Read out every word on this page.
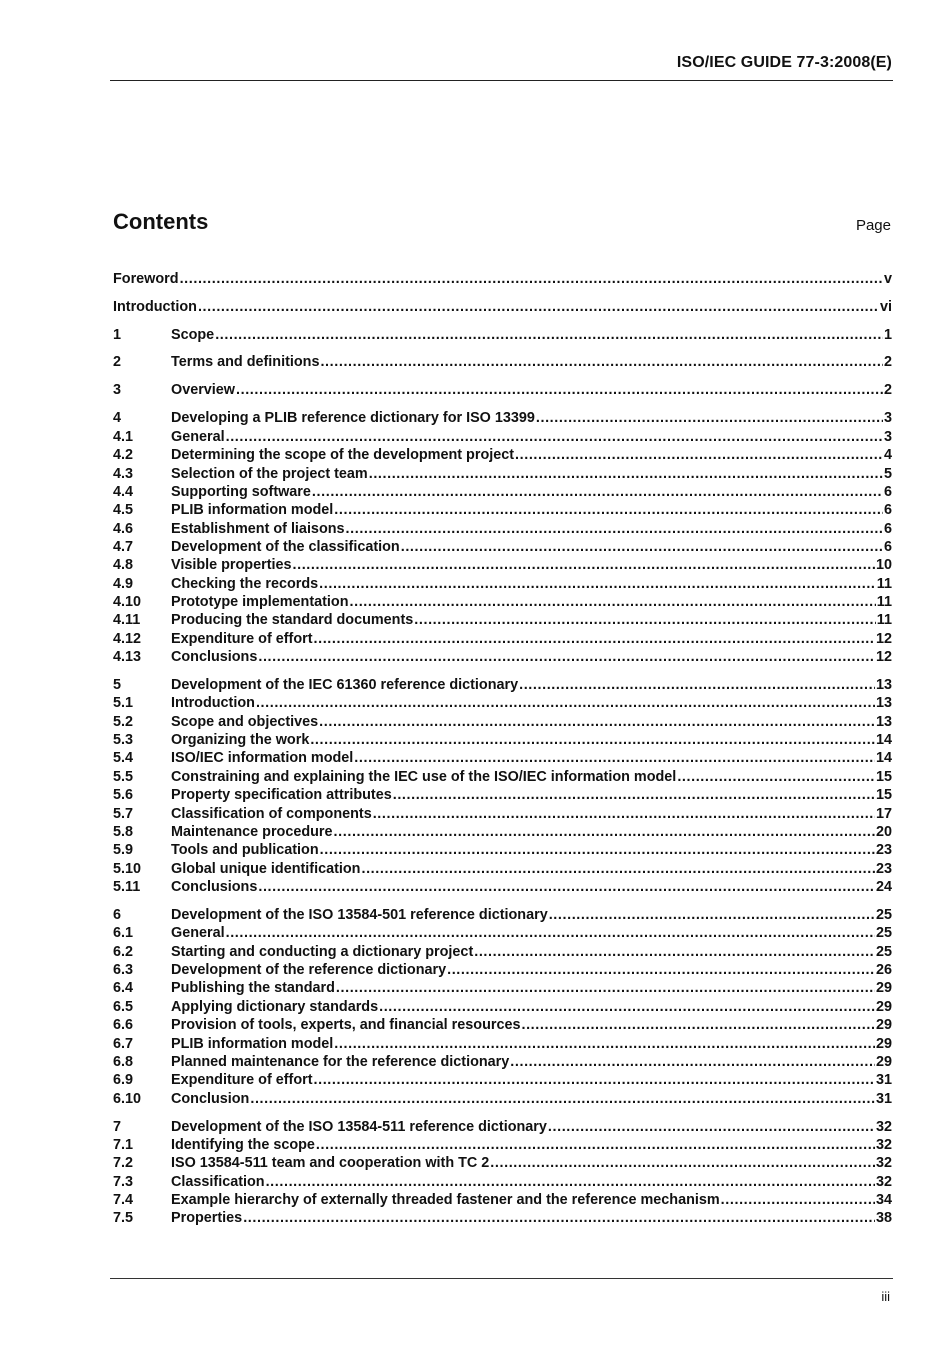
ISO/IEC GUIDE 77-3:2008(E)
Contents	Page
Foreword .....	v
Introduction .....	vi
1	Scope .....	1
2	Terms and definitions .....	2
3	Overview .....	2
4	Developing a PLIB reference dictionary for ISO 13399 .....	3
4.1	General .....	3
4.2	Determining the scope of the development project .....	4
4.3	Selection of the project team .....	5
4.4	Supporting software .....	6
4.5	PLIB information model .....	6
4.6	Establishment of liaisons .....	6
4.7	Development of the classification .....	6
4.8	Visible properties .....	10
4.9	Checking the records .....	11
4.10	Prototype implementation .....	11
4.11	Producing the standard documents .....	11
4.12	Expenditure of effort .....	12
4.13	Conclusions .....	12
5	Development of the IEC 61360 reference dictionary .....	13
5.1	Introduction .....	13
5.2	Scope and objectives .....	13
5.3	Organizing the work .....	14
5.4	ISO/IEC information model .....	14
5.5	Constraining and explaining the IEC use of the ISO/IEC information model .....	15
5.6	Property specification attributes .....	15
5.7	Classification of components .....	17
5.8	Maintenance procedure .....	20
5.9	Tools and publication .....	23
5.10	Global unique identification .....	23
5.11	Conclusions .....	24
6	Development of the ISO 13584-501 reference dictionary .....	25
6.1	General .....	25
6.2	Starting and conducting a dictionary project .....	25
6.3	Development of the reference dictionary .....	26
6.4	Publishing the standard .....	29
6.5	Applying dictionary standards .....	29
6.6	Provision of tools, experts, and financial resources .....	29
6.7	PLIB information model .....	29
6.8	Planned maintenance for the reference dictionary .....	29
6.9	Expenditure of effort .....	31
6.10	Conclusion .....	31
7	Development of the ISO 13584-511 reference dictionary .....	32
7.1	Identifying the scope .....	32
7.2	ISO 13584-511 team and cooperation with TC 2 .....	32
7.3	Classification .....	32
7.4	Example hierarchy of externally threaded fastener and the reference mechanism .....	34
7.5	Properties .....	38
iii
